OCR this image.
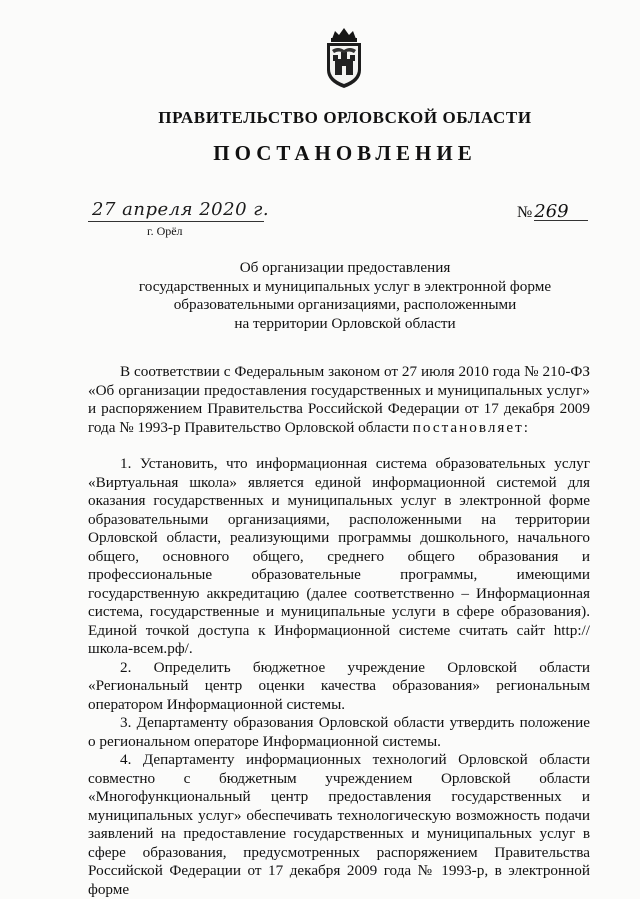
ПРАВИТЕЛЬСТВО ОРЛОВСКОЙ ОБЛАСТИ
ПОСТАНОВЛЕНИЕ
27 апреля 2020 г.
г. Орёл
№ 269
Об организации предоставления
государственных и муниципальных услуг в электронной форме
образовательными организациями, расположенными
на территории Орловской области

В соответствии с Федеральным законом от 27 июля 2010 года № 210-ФЗ «Об организации предоставления государственных и муниципальных услуг» и распоряжением Правительства Российской Федерации от 17 декабря 2009 года № 1993-р Правительство Орловской области постановляет:

1. Установить, что информационная система образовательных услуг «Виртуальная школа» является единой информационной системой для оказания государственных и муниципальных услуг в электронной форме образовательными организациями, расположенными на территории Орловской области, реализующими программы дошкольного, начального общего, основного общего, среднего общего образования и профессиональные образовательные программы, имеющими государственную аккредитацию (далее соответственно – Информационная система, государственные и муниципальные услуги в сфере образования). Единой точкой доступа к Информационной системе считать сайт http://школа-всем.рф/.

2. Определить бюджетное учреждение Орловской области «Региональный центр оценки качества образования» региональным оператором Информационной системы.

3. Департаменту образования Орловской области утвердить положение о региональном операторе Информационной системы.

4. Департаменту информационных технологий Орловской области совместно с бюджетным учреждением Орловской области «Многофункциональный центр предоставления государственных и муниципальных услуг» обеспечивать технологическую возможность подачи заявлений на предоставление государственных и муниципальных услуг в сфере образования, предусмотренных распоряжением Правительства Российской Федерации от 17 декабря 2009 года № 1993-р, в электронной форме
